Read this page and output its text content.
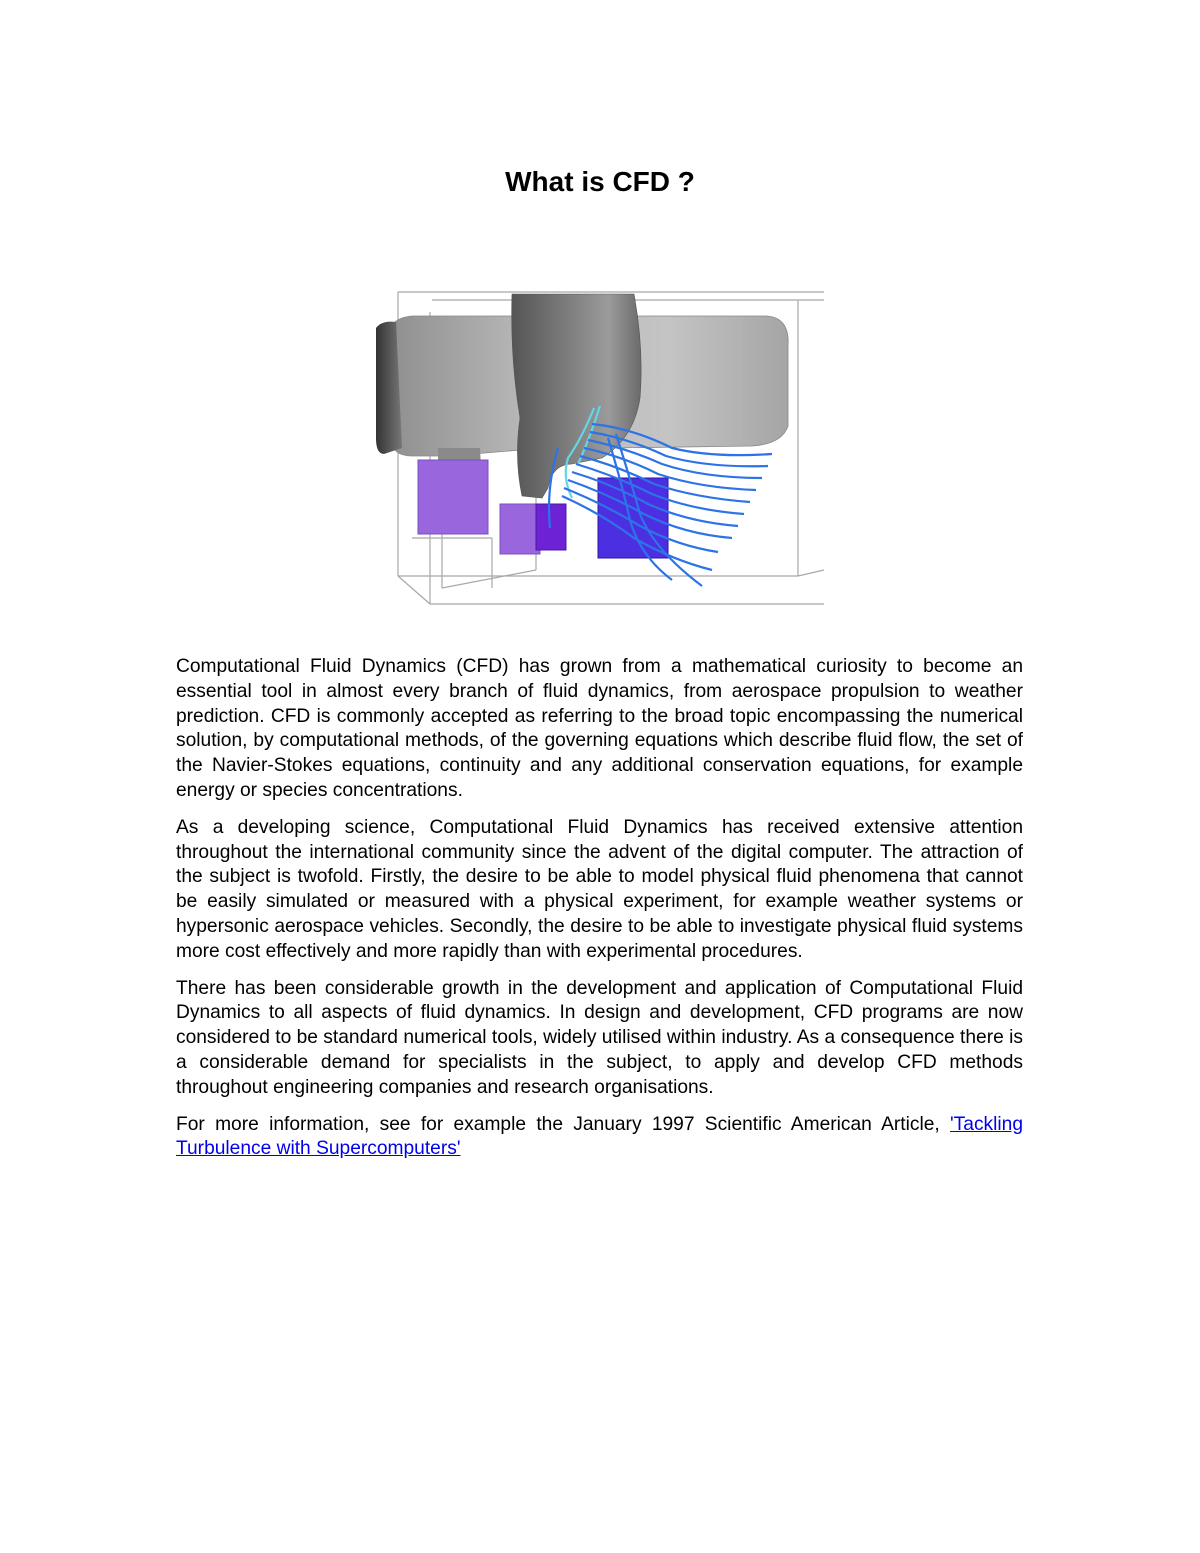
What is CFD ?

Computational Fluid Dynamics (CFD) has grown from a mathematical curiosity to become an essential tool in almost every branch of fluid dynamics, from aerospace propulsion to weather prediction. CFD is commonly accepted as referring to the broad topic encompassing the numerical solution, by computational methods, of the governing equations which describe fluid flow, the set of the Navier-Stokes equations, continuity and any additional conservation equations, for example energy or species concentrations.

As a developing science, Computational Fluid Dynamics has received extensive attention throughout the international community since the advent of the digital computer. The attraction of the subject is twofold. Firstly, the desire to be able to model physical fluid phenomena that cannot be easily simulated or measured with a physical experiment, for example weather systems or hypersonic aerospace vehicles. Secondly, the desire to be able to investigate physical fluid systems more cost effectively and more rapidly than with experimental procedures.

There has been considerable growth in the development and application of Computational Fluid Dynamics to all aspects of fluid dynamics. In design and development, CFD programs are now considered to be standard numerical tools, widely utilised within industry. As a consequence there is a considerable demand for specialists in the subject, to apply and develop CFD methods throughout engineering companies and research organisations.

For more information, see for example the January 1997 Scientific American Article, 'Tackling Turbulence with Supercomputers'
